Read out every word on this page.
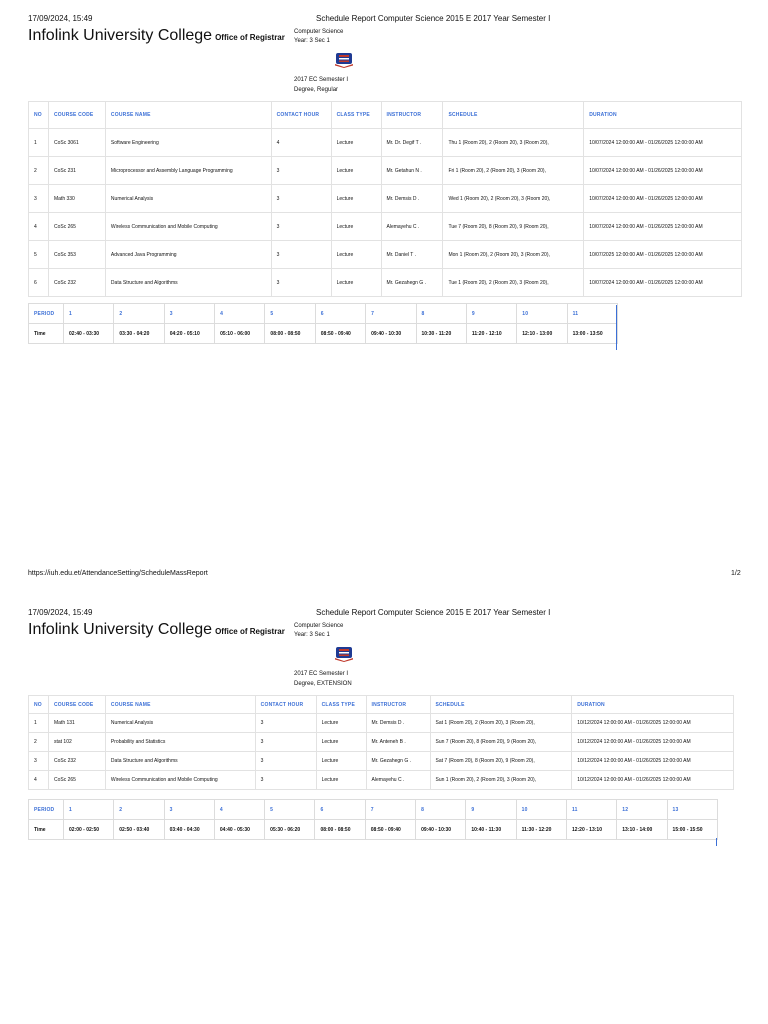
17/09/2024, 15:49	Schedule Report Computer Science 2015 E 2017 Year Semester I
Infolink University College Office of Registrar
Computer Science
Year: 3 Sec 1
2017 EC Semester I
Degree, Regular
NO	COURSE CODE	COURSE NAME	CONTACT HOUR	CLASS TYPE	INSTRUCTOR	SCHEDULE	DURATION
1	CoSc 3061	Software Engineering	4	Lecture	Mr. Dr. Degif T .	Thu 1 (Room 20), 2 (Room 20), 3 (Room 20),	10/07/2024 12:00:00 AM - 01/26/2025 12:00:00 AM
2	CoSc 231	Microprocessor and Assembly Language Programming	3	Lecture	Mr. Getahun N .	Fri 1 (Room 20), 2 (Room 20), 3 (Room 20),	10/07/2024 12:00:00 AM - 01/26/2025 12:00:00 AM
3	Math 330	Numerical Analysis	3	Lecture	Mr. Demsis D .	Wed 1 (Room 20), 2 (Room 20), 3 (Room 20),	10/07/2024 12:00:00 AM - 01/26/2025 12:00:00 AM
4	CoSc 265	Wireless Communication and Mobile Computing	3	Lecture	Alemayehu C .	Tue 7 (Room 20), 8 (Room 20), 9 (Room 20),	10/07/2024 12:00:00 AM - 01/26/2025 12:00:00 AM
5	CoSc 353	Advanced Java Programming	3	Lecture	Mr. Daniel T .	Mon 1 (Room 20), 2 (Room 20), 3 (Room 20),	10/07/2025 12:00:00 AM - 01/26/2025 12:00:00 AM
6	CoSc 232	Data Structure and Algorithms	3	Lecture	Mr. Gezahegn G .	Tue 1 (Room 20), 2 (Room 20), 3 (Room 20),	10/07/2024 12:00:00 AM - 01/26/2025 12:00:00 AM
PERIOD	1	2	3	4	5	6	7	8	9	10	11
Time	02:40 - 03:30	03:30 - 04:20	04:20 - 05:10	05:10 - 06:00	08:00 - 08:50	08:50 - 09:40	09:40 - 10:30	10:30 - 11:20	11:20 - 12:10	12:10 - 13:00	13:00 - 13:50
https://iuh.edu.et/AttendanceSetting/ScheduleMassReport	1/2
17/09/2024, 15:49	Schedule Report Computer Science 2015 E 2017 Year Semester I
Infolink University College Office of Registrar
Computer Science
Year: 3 Sec 1
2017 EC Semester I
Degree, EXTENSION
NO	COURSE CODE	COURSE NAME	CONTACT HOUR	CLASS TYPE	INSTRUCTOR	SCHEDULE	DURATION
1	Math 131	Numerical Analysis	3	Lecture	Mr. Demsis D .	Sat 1 (Room 20), 2 (Room 20), 3 (Room 20),	10/12/2024 12:00:00 AM - 01/26/2025 12:00:00 AM
2	stat 102	Probability and Statistics	3	Lecture	Mr. Anteneh B .	Sun 7 (Room 20), 8 (Room 20), 9 (Room 20),	10/12/2024 12:00:00 AM - 01/26/2025 12:00:00 AM
3	CoSc 232	Data Structure and Algorithms	3	Lecture	Mr. Gezahegn G .	Sat 7 (Room 20), 8 (Room 20), 9 (Room 20),	10/12/2024 12:00:00 AM - 01/26/2025 12:00:00 AM
4	CoSc 265	Wireless Communication and Mobile Computing	3	Lecture	Alemayehu C .	Sun 1 (Room 20), 2 (Room 20), 3 (Room 20),	10/12/2024 12:00:00 AM - 01/26/2025 12:00:00 AM
PERIOD	1	2	3	4	5	6	7	8	9	10	11	12	13
Time	02:00 - 02:50	02:50 - 03:40	03:40 - 04:30	04:40 - 05:30	05:30 - 06:20	08:00 - 08:50	08:50 - 09:40	09:40 - 10:30	10:40 - 11:30	11:30 - 12:20	12:20 - 13:10	13:10 - 14:00	15:00 - 15:50
